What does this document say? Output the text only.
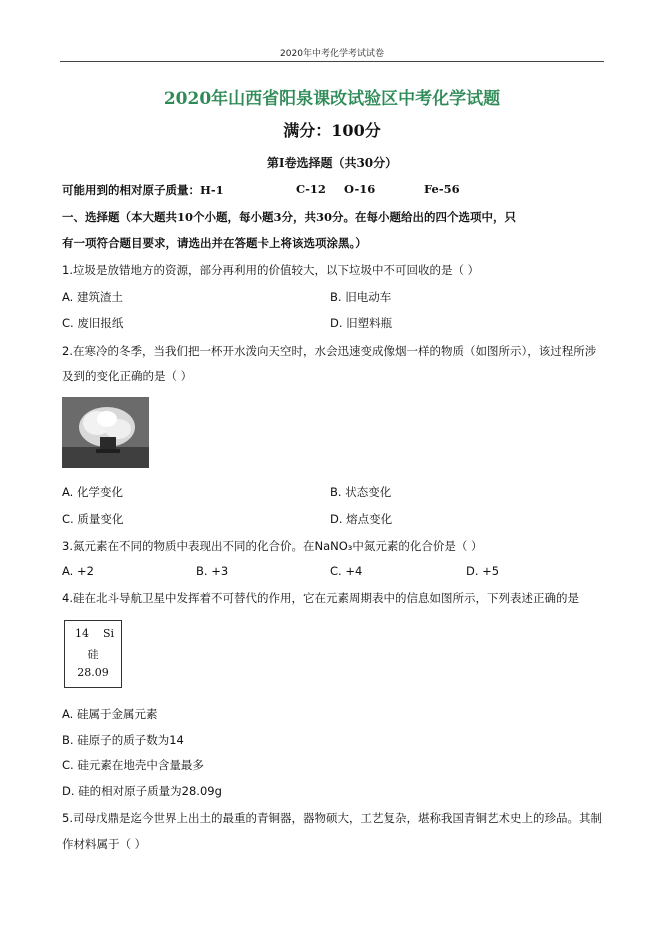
2020年中考化学考试试卷
2020年山西省阳泉课改试验区中考化学试题
满分：100分
第I卷选择题（共30分）
可能用到的相对原子质量：H-1	C-12 O-16	Fe-56
一、选择题（本大题共10个小题，每小题3分，共30分。在每小题给出的四个选项中，只
有一项符合题目要求，请选出并在答题卡上将该选项涂黑。）
1.垃圾是放错地方的资源，部分再利用的价值较大，以下垃圾中不可回收的是（ ）
A. 建筑渣土	B. 旧电动车
C. 废旧报纸	D. 旧塑料瓶
2.在寒冷的冬季，当我们把一杯开水泼向天空时，水会迅速变成像烟一样的物质（如图所示），该过程所涉
及到的变化正确的是（ ）
A. 化学变化	B. 状态变化
C. 质量变化	D. 熔点变化
3.氮元素在不同的物质中表现出不同的化合价。在NaNO₃中氮元素的化合价是（ ）
A. +2	B. +3	C. +4	D. +5
4.硅在北斗导航卫星中发挥着不可替代的作用，它在元素周期表中的信息如图所示，下列表述正确的是
14 Si
硅
28.09
A. 硅属于金属元素
B. 硅原子的质子数为14
C. 硅元素在地壳中含量最多
D. 硅的相对原子质量为28.09g
5.司母戊鼎是迄今世界上出土的最重的青铜器，器物硕大，工艺复杂，堪称我国青铜艺术史上的珍品。其制
作材料属于（ ）
